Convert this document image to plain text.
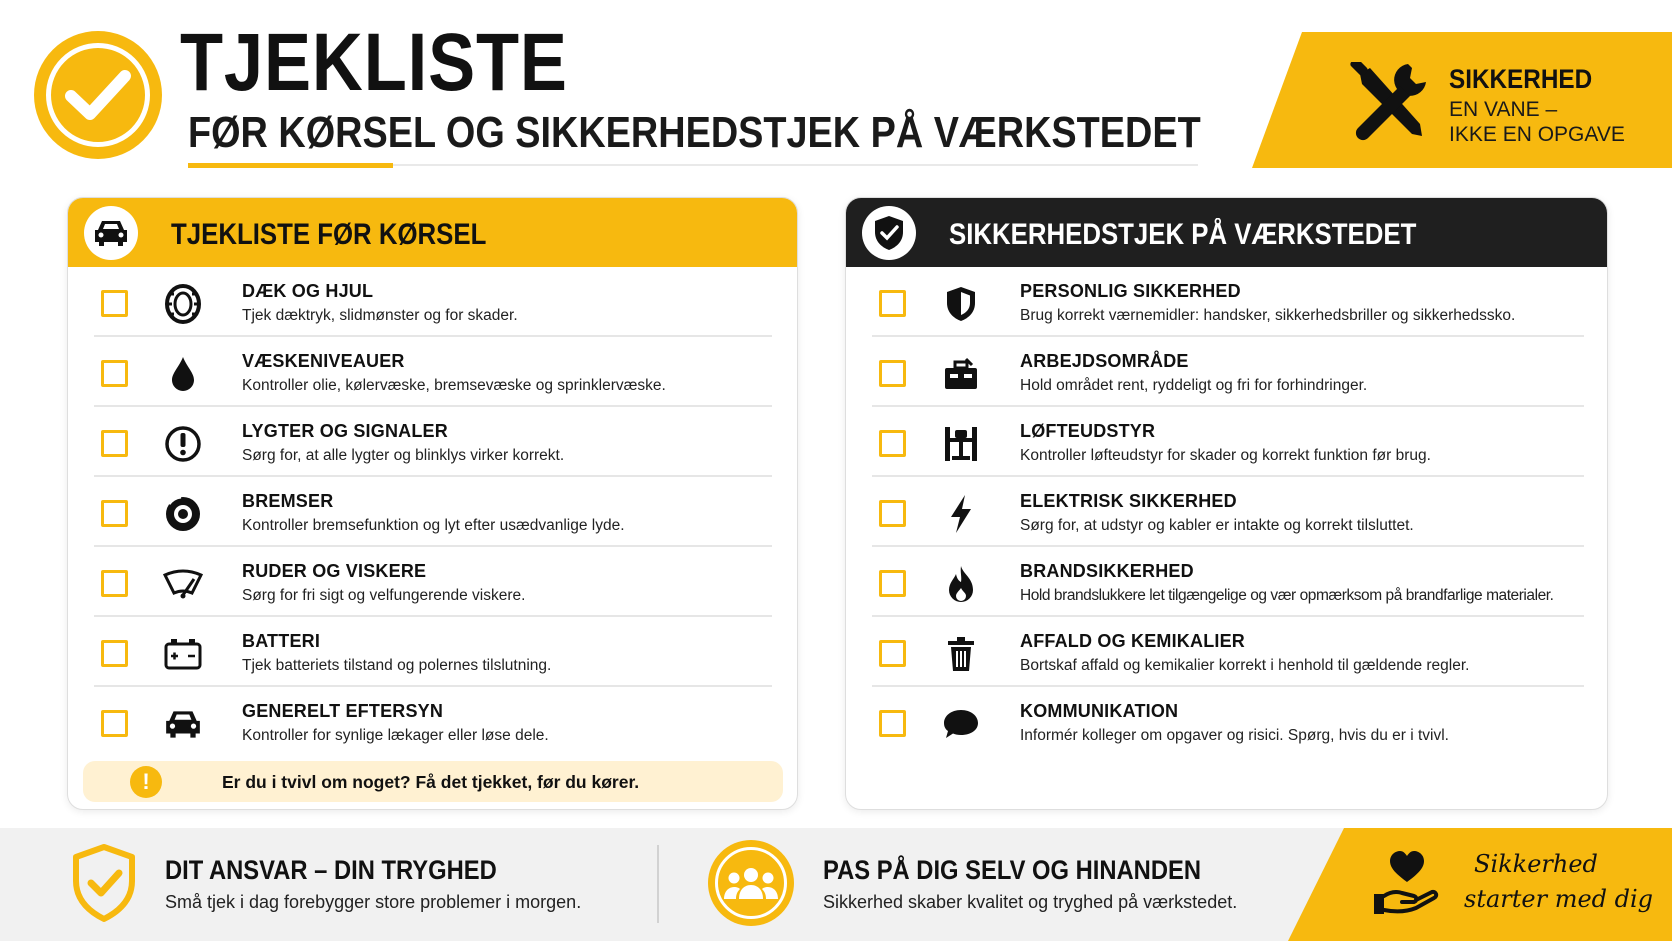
TJEKLISTE
FØR KØRSEL OG SIKKERHEDSTJEK PÅ VÆRKSTEDET
SIKKERHED
EN VANE –
IKKE EN OPGAVE
TJEKLISTE FØR KØRSEL
DÆK OG HJUL
Tjek dæktryk, slidmønster og for skader.
VÆSKENIVEAUER
Kontroller olie, kølervæske, bremsevæske og sprinklervæske.
LYGTER OG SIGNALER
Sørg for, at alle lygter og blinklys virker korrekt.
BREMSER
Kontroller bremsefunktion og lyt efter usædvanlige lyde.
RUDER OG VISKERE
Sørg for fri sigt og velfungerende viskere.
BATTERI
Tjek batteriets tilstand og polernes tilslutning.
GENERELT EFTERSYN
Kontroller for synlige lækager eller løse dele.
!	Er du i tvivl om noget? Få det tjekket, før du kører.
SIKKERHEDSTJEK PÅ VÆRKSTEDET
PERSONLIG SIKKERHED
Brug korrekt værnemidler: handsker, sikkerhedsbriller og sikkerhedssko.
ARBEJDSOMRÅDE
Hold området rent, ryddeligt og fri for forhindringer.
LØFTEUDSTYR
Kontroller løfteudstyr for skader og korrekt funktion før brug.
ELEKTRISK SIKKERHED
Sørg for, at udstyr og kabler er intakte og korrekt tilsluttet.
BRANDSIKKERHED
Hold brandslukkere let tilgængelige og vær opmærksom på brandfarlige materialer.
AFFALD OG KEMIKALIER
Bortskaf affald og kemikalier korrekt i henhold til gældende regler.
KOMMUNIKATION
Informér kolleger om opgaver og risici. Spørg, hvis du er i tvivl.
DIT ANSVAR – DIN TRYGHED
Små tjek i dag forebygger store problemer i morgen.
PAS PÅ DIG SELV OG HINANDEN
Sikkerhed skaber kvalitet og tryghed på værkstedet.
Sikkerhed
starter med dig
